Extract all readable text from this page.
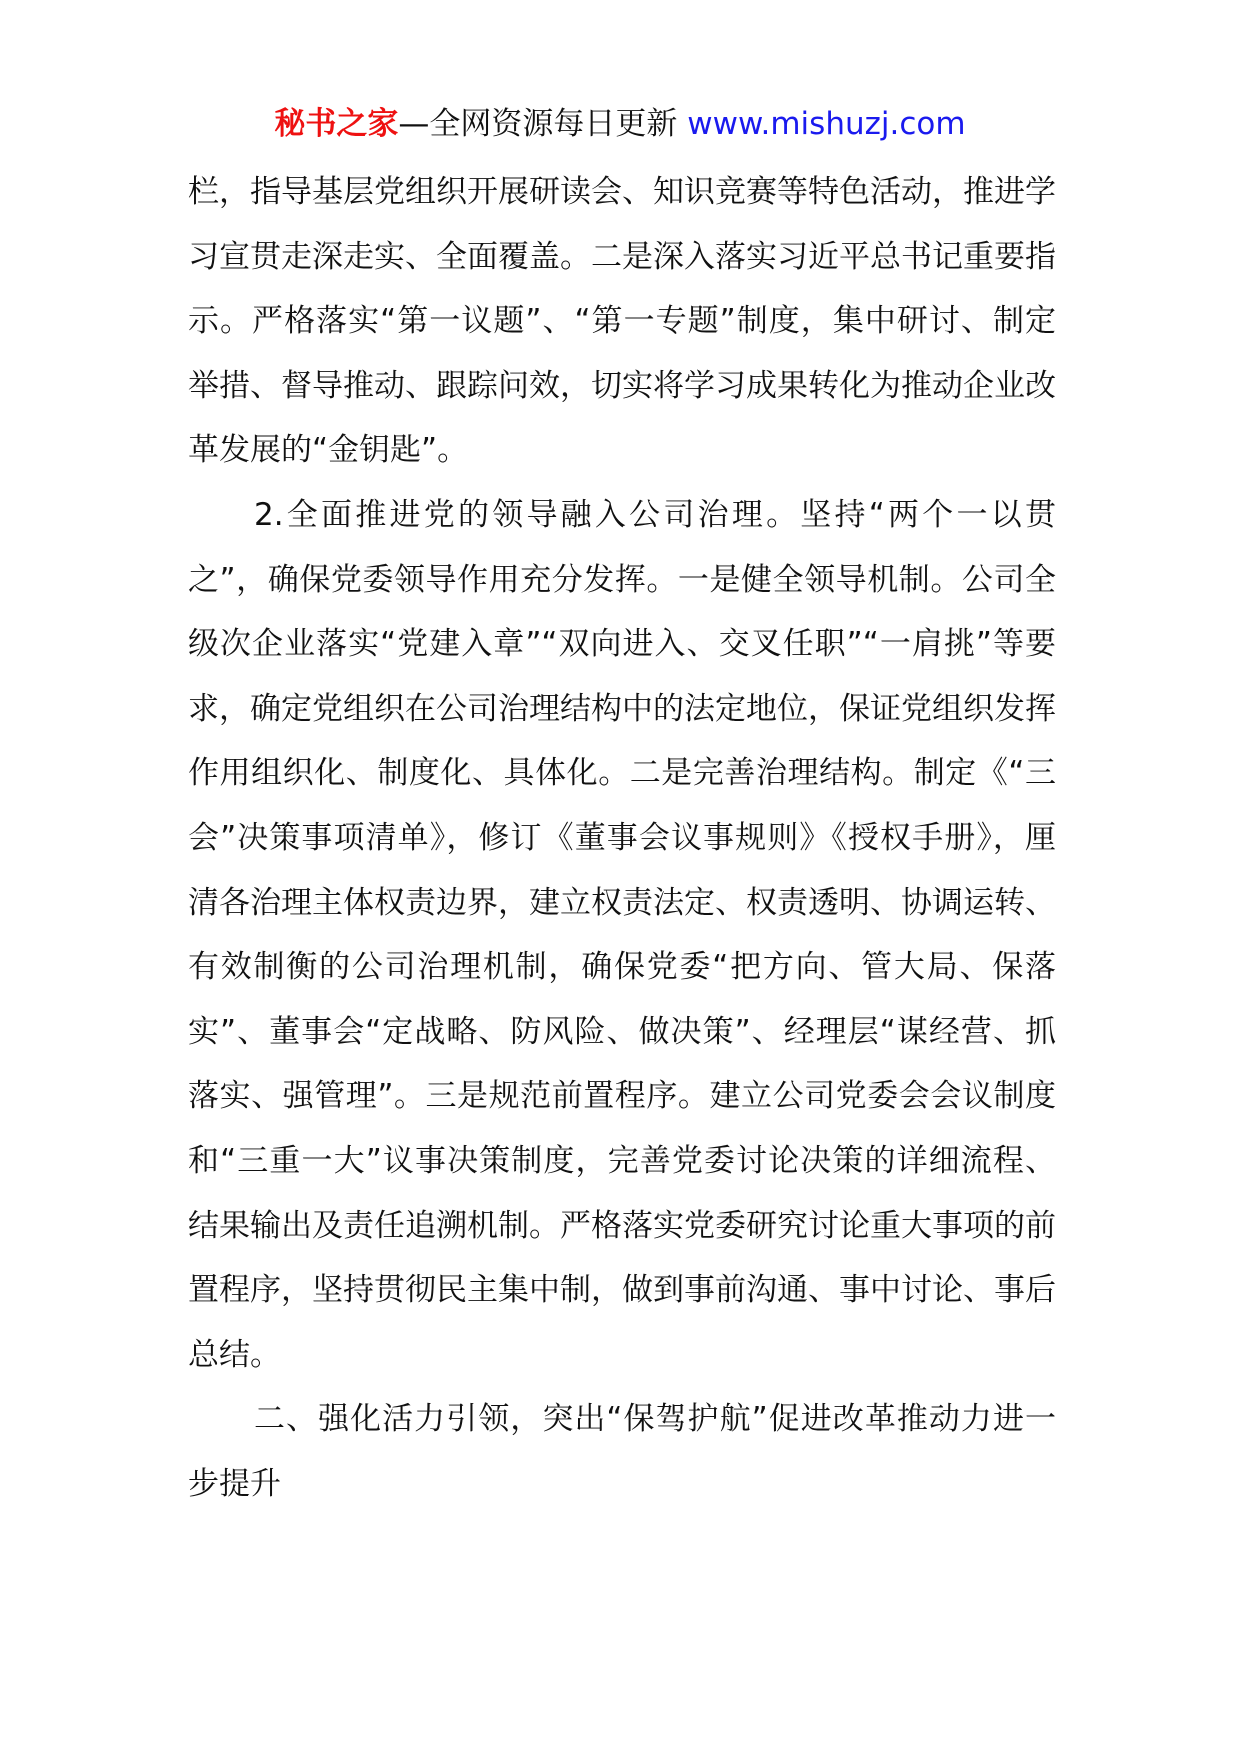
秘书之家—全网资源每日更新 www.mishuzj.com

栏，指导基层党组织开展研读会、知识竞赛等特色活动，推进学习宣贯走深走实、全面覆盖。二是深入落实习近平总书记重要指示。严格落实“第一议题”、“第一专题”制度，集中研讨、制定举措、督导推动、跟踪问效，切实将学习成果转化为推动企业改革发展的“金钥匙”。

2.全面推进党的领导融入公司治理。坚持“两个一以贯之”，确保党委领导作用充分发挥。一是健全领导机制。公司全级次企业落实“党建入章”“双向进入、交叉任职”“一肩挑”等要求，确定党组织在公司治理结构中的法定地位，保证党组织发挥作用组织化、制度化、具体化。二是完善治理结构。制定《“三会”决策事项清单》，修订《董事会议事规则》《授权手册》，厘清各治理主体权责边界，建立权责法定、权责透明、协调运转、有效制衡的公司治理机制，确保党委“把方向、管大局、保落实”、董事会“定战略、防风险、做决策”、经理层“谋经营、抓落实、强管理”。三是规范前置程序。建立公司党委会会议制度和“三重一大”议事决策制度，完善党委讨论决策的详细流程、结果输出及责任追溯机制。严格落实党委研究讨论重大事项的前置程序，坚持贯彻民主集中制，做到事前沟通、事中讨论、事后总结。

二、强化活力引领，突出“保驾护航”促进改革推动力进一步提升
